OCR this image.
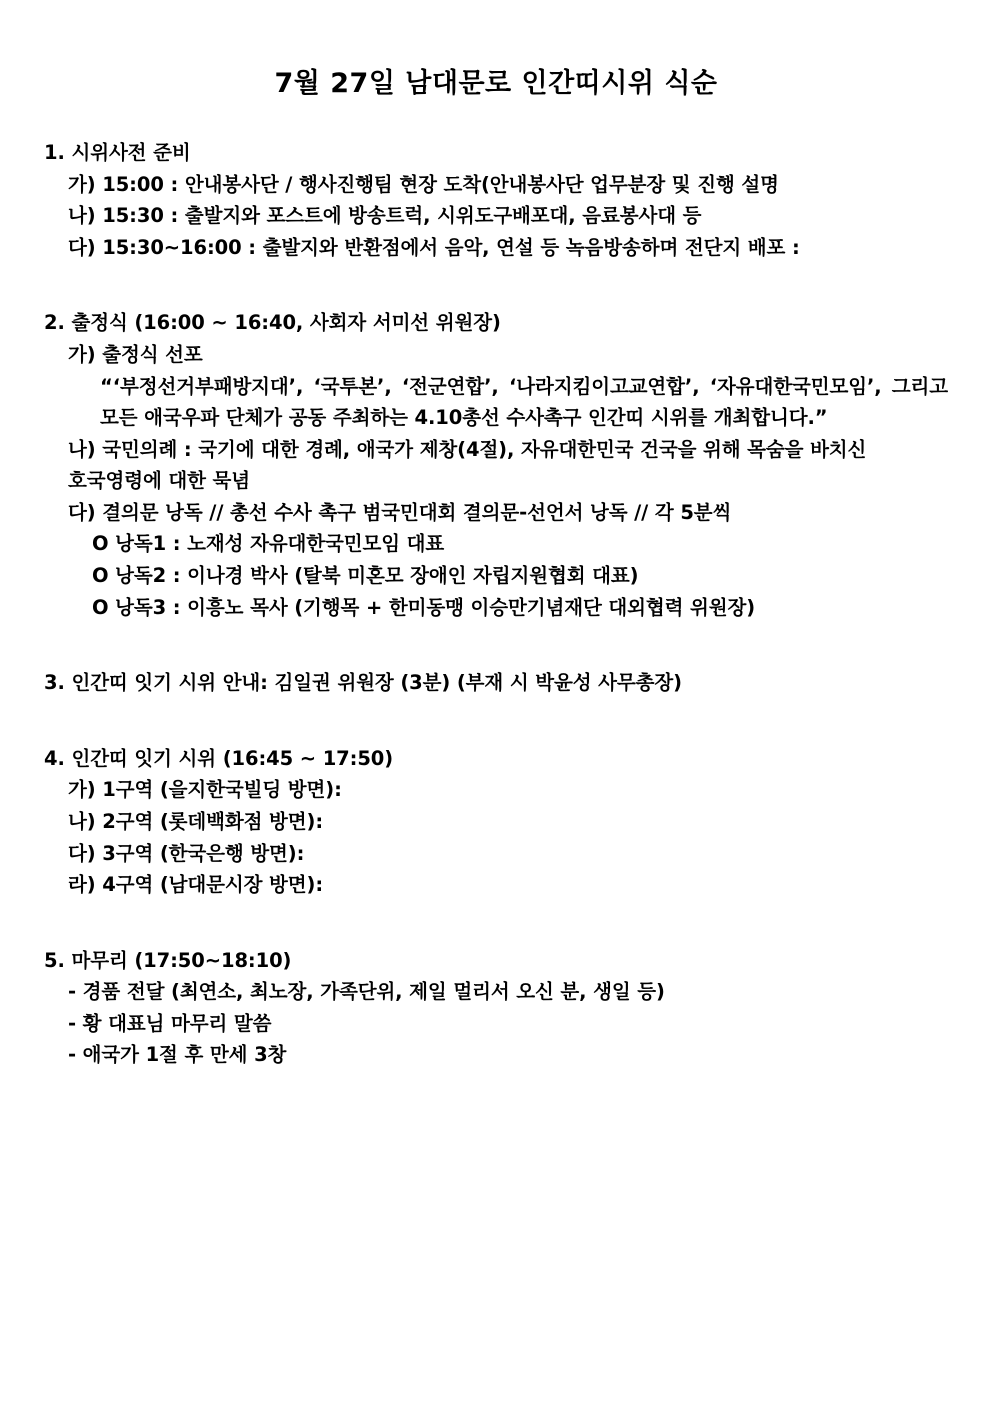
7월 27일 남대문로 인간띠시위 식순
1. 시위사전 준비
가) 15:00 : 안내봉사단 / 행사진행팀 현장 도착(안내봉사단 업무분장 및 진행 설명
나) 15:30 : 출발지와 포스트에 방송트럭, 시위도구배포대, 음료봉사대 등
다) 15:30~16:00 : 출발지와 반환점에서 음악, 연설 등 녹음방송하며 전단지 배포 :
2. 출정식 (16:00 ~ 16:40, 사회자 서미선 위원장)
가) 출정식 선포
“‘부정선거부패방지대’, ‘국투본’, ‘전군연합’, ‘나라지킴이고교연합’, ‘자유대한국민모임’, 그리고 모든 애국우파 단체가 공동 주최하는 4.10총선 수사촉구 인간띠 시위를 개최합니다.”
나) 국민의례 : 국기에 대한 경례, 애국가 제창(4절), 자유대한민국 건국을 위해 목숨을 바치신 호국영령에 대한 묵념
다) 결의문 낭독 // 총선 수사 촉구 범국민대회 결의문-선언서 낭독 // 각 5분씩
O 낭독1 : 노재성 자유대한국민모임 대표
O 낭독2 : 이나경 박사 (탈북 미혼모 장애인 자립지원협회 대표)
O 낭독3 : 이흥노 목사 (기행목 + 한미동맹 이승만기념재단 대외협력 위원장)
3. 인간띠 잇기 시위 안내: 김일권 위원장 (3분) (부재 시 박윤성 사무총장)
4. 인간띠 잇기 시위 (16:45 ~ 17:50)
가) 1구역 (을지한국빌딩 방면):
나) 2구역 (롯데백화점 방면):
다) 3구역 (한국은행 방면):
라) 4구역 (남대문시장 방면):
5. 마무리 (17:50~18:10)
- 경품 전달 (최연소, 최노장, 가족단위, 제일 멀리서 오신 분, 생일 등)
- 황 대표님 마무리 말씀
- 애국가 1절 후 만세 3창
